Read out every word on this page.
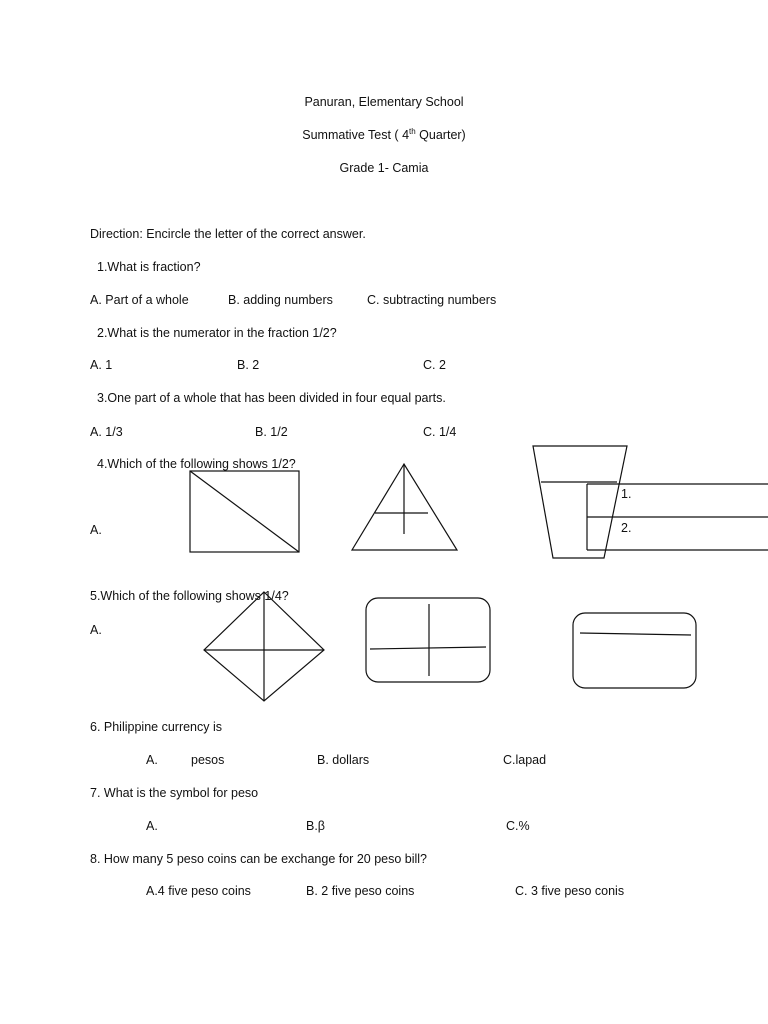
Panuran, Elementary School
Summative Test ( 4th Quarter)
Grade 1- Camia
Direction: Encircle the letter of the correct answer.
1.What is fraction?
A. Part of a whole	B. adding numbers	C. subtracting numbers
2.What is the numerator in the fraction 1/2?
A. 1	B. 2	C. 2
3.One part of a whole that has been divided in four equal parts.
A. 1/3	B. 1/2	C. 1/4
4.Which of the following shows 1/2?
A.
1.
2.
5.Which of the following shows 1/4?
A.
6. Philippine currency is
A.	pesos	B. dollars	C.lapad
7. What is the symbol for peso
A.	B.β	C.%
8. How many 5 peso coins can be exchange for 20 peso bill?
A.4 five peso coins	B. 2 five peso coins	C. 3 five peso conis
